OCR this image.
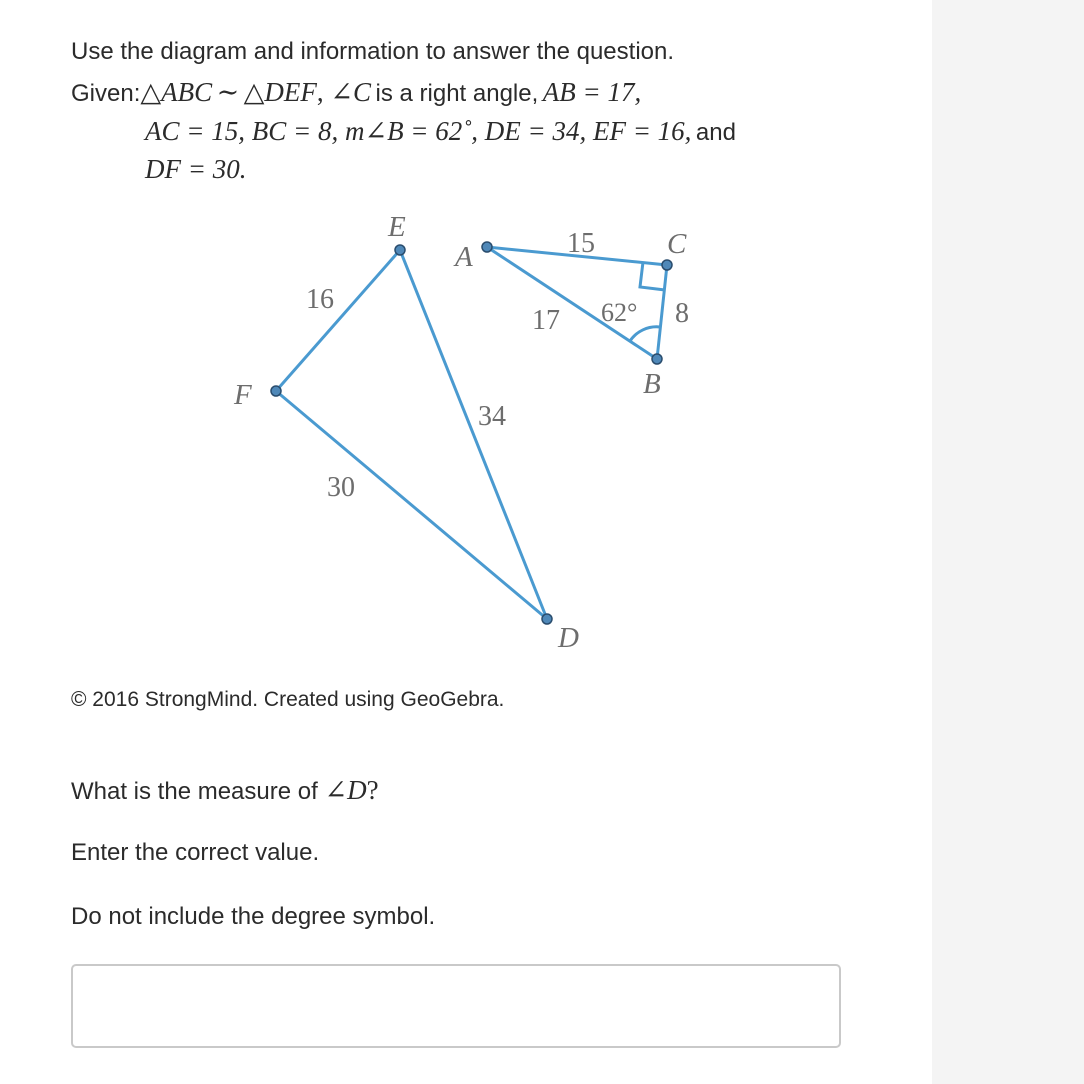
Use the diagram and information to answer the question.
Given:△ABC ∼ △DEF, ∠C is a right angle, AB = 17,
AC = 15, BC = 8, m∠B = 62˚, DE = 34, EF = 16, and
DF = 30.
© 2016 StrongMind. Created using GeoGebra.
What is the measure of ∠D?
Enter the correct value.
Do not include the degree symbol.
E
F
D
A	C
B
16
34
30
15
17	8
62°
